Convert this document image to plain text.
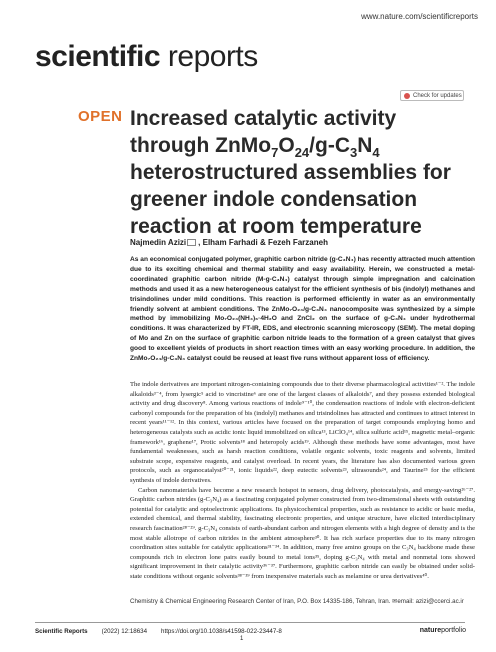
www.nature.com/scientificreports
scientific reports
Check for updates
OPEN Increased catalytic activity through $ZnMo_7O_{24}/g-C_3N_4$ heterostructured assemblies for greener indole condensation reaction at room temperature
Najmedin Azizi , Elham Farhadi & Fezeh Farzaneh
As an economical conjugated polymer, graphitic carbon nitride (g-C₃N₄) has recently attracted much attention due to its exciting chemical and thermal stability and easy availability. Herein, we constructed a metal-coordinated graphitic carbon nitride (M-g-C₃N₄) catalyst through simple impregnation and calcination methods and used it as a new heterogeneous catalyst for the efficient synthesis of bis (indolyl) methanes and trisindolines under mild conditions. This reaction is performed efficiently in water as an environmentally friendly solvent at ambient conditions. The ZnMo₇O₂₄/g-C₃N₄ nanocomposite was synthesized by a simple method by immobilizing Mo₇O₂₄(NH₄)₆·4H₂O and ZnCl₂ on the surface of g-C₃N₄ under hydrothermal conditions. It was characterized by FT-IR, EDS, and electronic scanning microscopy (SEM). The metal doping of Mo and Zn on the surface of graphitic carbon nitride leads to the formation of a green catalyst that gives good to excellent yields of products in short reaction times with an easy working procedure. In addition, the ZnMo₇O₂₄/g-C₃N₄ catalyst could be reused at least five runs without apparent loss of efficiency.

The indole derivatives are important nitrogen-containing compounds due to their diverse pharmacological activities¹⁻². The indole alkaloids³⁻⁴, from lysergic⁵ acid to vincristine⁶ are one of the largest classes of alkaloids⁷, and they possess extended biological activity and drug discovery⁸. Among various reactions of indole⁹⁻¹⁰, the condensation reactions of indole with electron-deficient carbonyl compounds for the preparation of bis (indolyl) methanes and trisindolines has attracted and continues to attract interest in recent years¹¹⁻¹². In this context, various articles have focused on the preparation of target compounds employing homo and heterogeneous catalysts such as acidic ionic liquid immobilized on silica¹³, LiClO₄¹⁴, silica sulfuric acid¹⁵, magnetic metal–organic framework¹⁶, graphene¹⁷, Protic solvents¹⁸ and heteropoly acids¹⁹. Although these methods have some advantages, most have fundamental weaknesses, such as harsh reaction conditions, volatile organic solvents, toxic reagents and solvents, limited substrate scope, expensive reagents, and catalyst overload. In recent years, the literature has also documented various green protocols, such as organocatalyst²⁰⁻²¹, ionic liquids²², deep eutectic solvents²³, ultrasounds²⁴, and Taurine²⁵ for the efficient synthesis of indole derivatives.

Carbon nanomaterials have become a new research hotspot in sensors, drug delivery, photocatalysis, and energy-saving²⁶⁻²⁷. Graphitic carbon nitrides (g-C₃N₄) as a fascinating conjugated polymer constructed from two-dimensional sheets with outstanding potential for catalytic and optoelectronic applications. Its physicochemical properties, such as resistance to acidic or basic media, extended chemical, and thermal stability, fascinating electronic properties, and unique structure, have elicited interdisciplinary research fascination²⁸⁻²⁹. g-C₃N₄ consists of earth-abundant carbon and nitrogen elements with a high degree of density and is the most stable allotrope of carbon nitrides in the ambient atmosphere³⁰. It has rich surface properties due to its many nitrogen coordination sites suitable for catalytic applications³¹⁻³⁴. In addition, many free amino groups on the C₃N₄ backbone made these compounds rich in electron lone pairs easily bound to metal ions³⁵, doping g-C₃N₄ with metal and nonmetal ions showed significant improvement in their catalytic activity³⁶⁻³⁷. Furthermore, graphitic carbon nitride can easily be obtained under solid-state conditions without organic solvents³⁸⁻³⁹ from inexpensive materials such as melamine or urea derivatives⁴⁰.

Chemistry & Chemical Engineering Research Center of Iran, P.O. Box 14335-186, Tehran, Iran. ✉email: azizi@ccerci.ac.ir
Scientific Reports (2022) 12:18634 https://doi.org/10.1038/s41598-022-23447-8	natureportfolio
1
